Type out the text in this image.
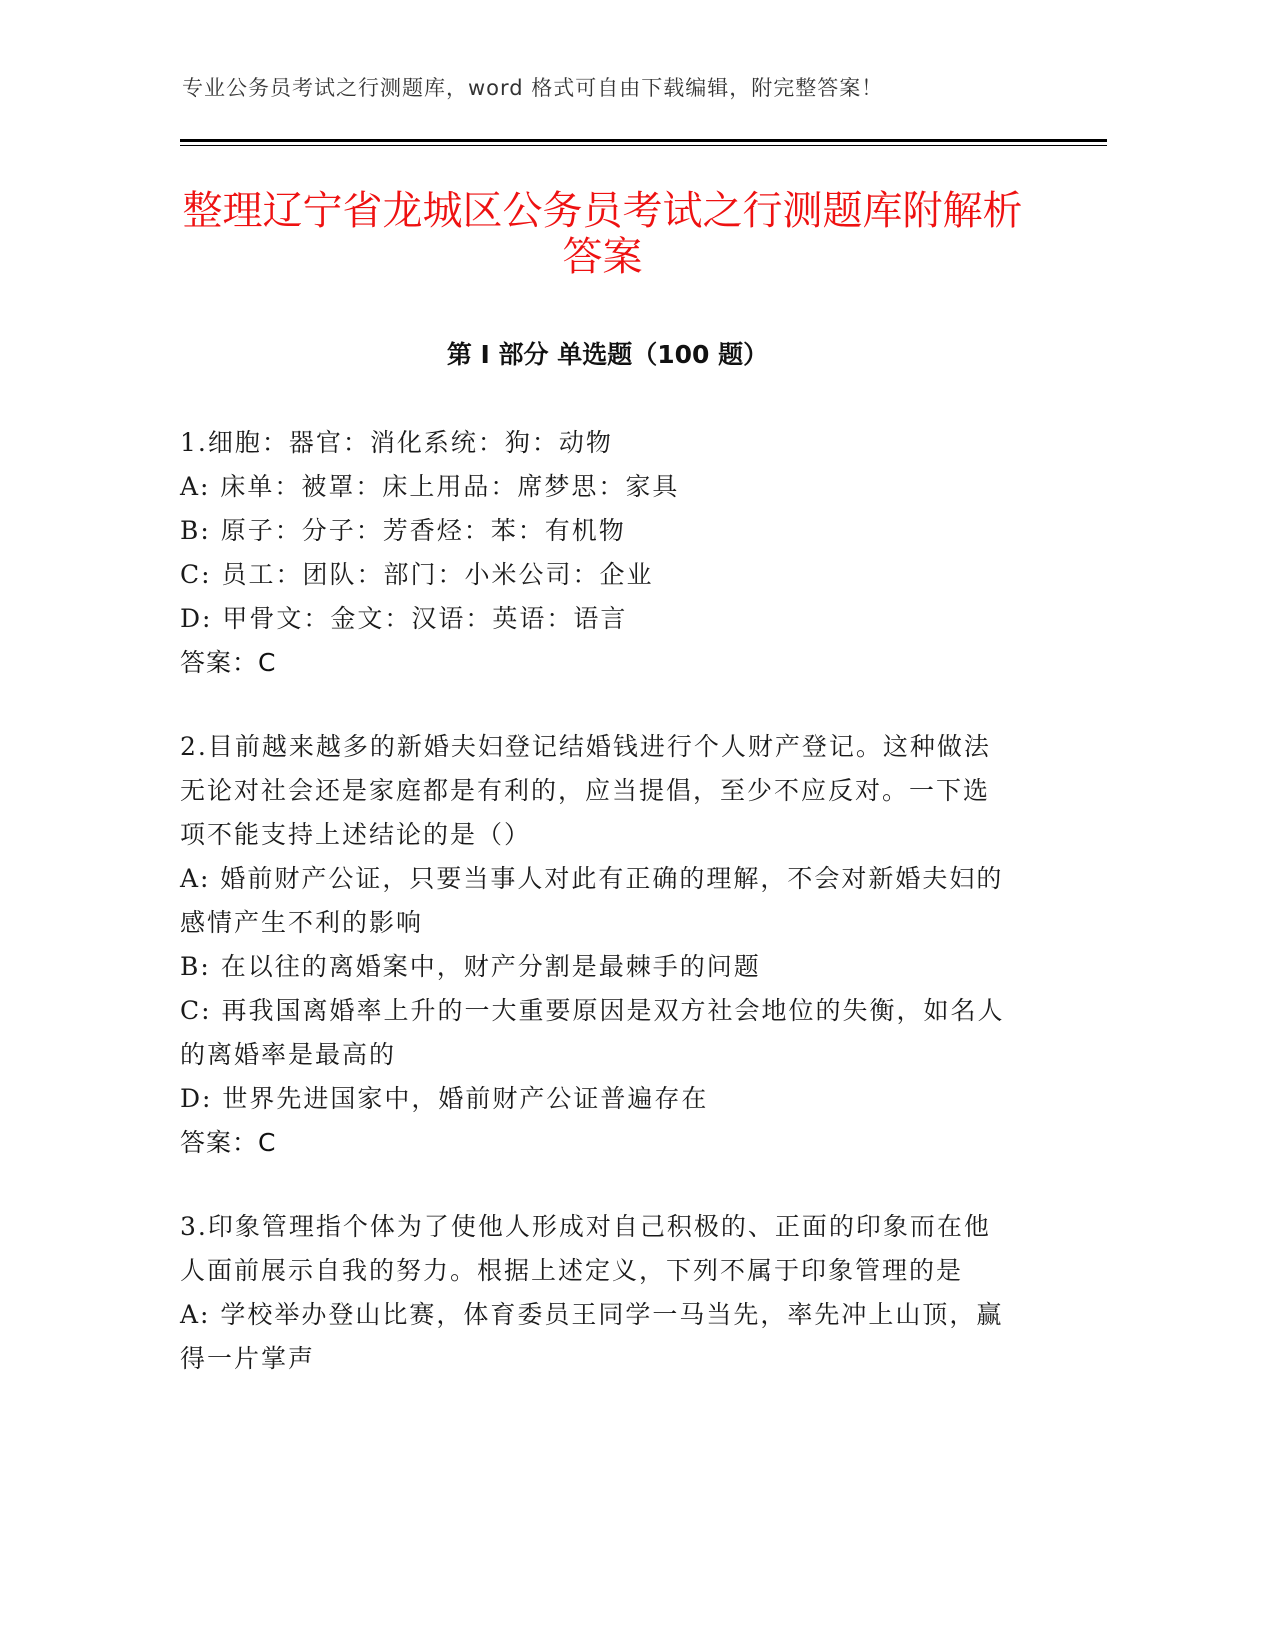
专业公务员考试之行测题库，word 格式可自由下载编辑，附完整答案！
整理辽宁省龙城区公务员考试之行测题库附解析答案
第 I 部分 单选题（100 题）
1.细胞：器官：消化系统：狗：动物
A: 床单：被罩：床上用品：席梦思：家具
B: 原子：分子：芳香烃：苯：有机物
C: 员工：团队：部门：小米公司：企业
D: 甲骨文：金文：汉语：英语：语言
答案：C
2.目前越来越多的新婚夫妇登记结婚钱进行个人财产登记。这种做法
无论对社会还是家庭都是有利的，应当提倡，至少不应反对。一下选
项不能支持上述结论的是（）
A: 婚前财产公证，只要当事人对此有正确的理解，不会对新婚夫妇的
感情产生不利的影响
B: 在以往的离婚案中，财产分割是最棘手的问题
C: 再我国离婚率上升的一大重要原因是双方社会地位的失衡，如名人
的离婚率是最高的
D: 世界先进国家中，婚前财产公证普遍存在
答案：C
3.印象管理指个体为了使他人形成对自己积极的、正面的印象而在他
人面前展示自我的努力。根据上述定义，下列不属于印象管理的是
A: 学校举办登山比赛，体育委员王同学一马当先，率先冲上山顶，赢
得一片掌声
